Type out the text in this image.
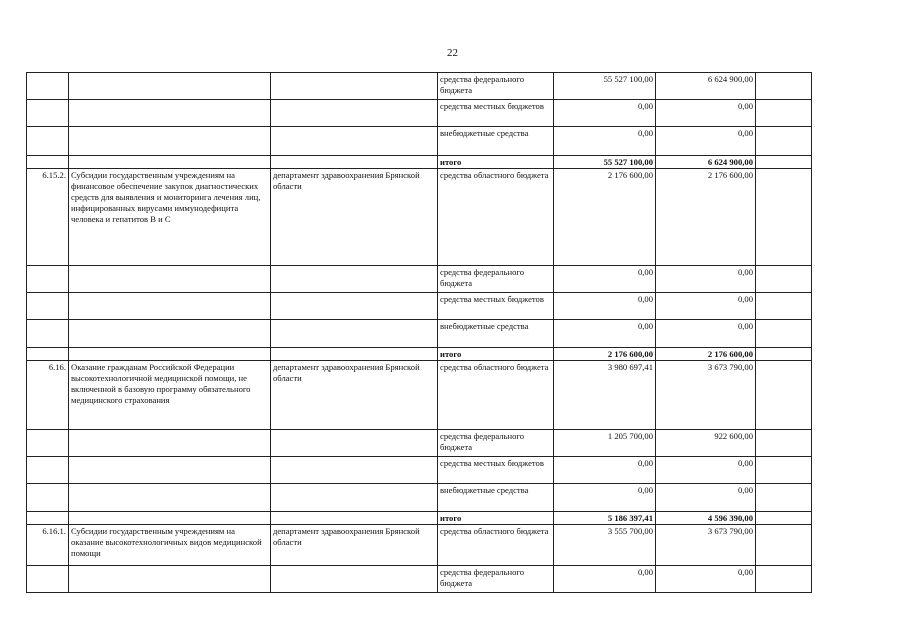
22
			средства федерального бюджета	55 527 100,00	6 624 900,00	
			средства местных бюджетов	0,00	0,00	
			внебюджетные средства	0,00	0,00	
			итого	55 527 100,00	6 624 900,00	
6.15.2.	Субсидии государственным учреждениям на финансовое обеспечение закупок диагностических средств для выявления и мониторинга лечения лиц, инфицированных вирусами иммунодефицита человека и гепатитов В и С	департамент здравоохранения Брянской области	средства областного бюджета	2 176 600,00	2 176 600,00	
			средства федерального бюджета	0,00	0,00	
			средства местных бюджетов	0,00	0,00	
			внебюджетные средства	0,00	0,00	
			итого	2 176 600,00	2 176 600,00	
6.16.	Оказание гражданам Российской Федерации высокотехнологичной медицинской помощи, не включенной в базовую программу обязательного медицинского страхования	департамент здравоохранения Брянской области	средства областного бюджета	3 980 697,41	3 673 790,00	
			средства федерального бюджета	1 205 700,00	922 600,00	
			средства местных бюджетов	0,00	0,00	
			внебюджетные средства	0,00	0,00	
			итого	5 186 397,41	4 596 390,00	
6.16.1.	Субсидии государственным учреждениям на оказание высокотехнологичных видов медицинской помощи	департамент здравоохранения Брянской области	средства областного бюджета	3 555 700,00	3 673 790,00	
			средства федерального бюджета	0,00	0,00	
